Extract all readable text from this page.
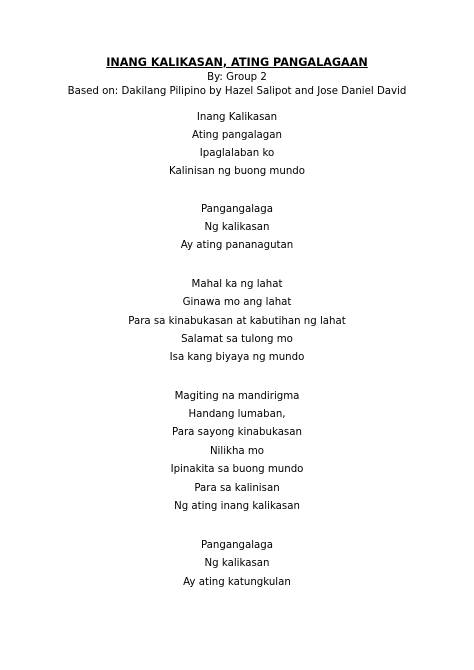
INANG KALIKASAN, ATING PANGALAGAAN
By: Group 2
Based on: Dakilang Pilipino by Hazel Salipot and Jose Daniel David
Inang Kalikasan
Ating pangalagan
Ipaglalaban ko
Kalinisan ng buong mundo
Pangangalaga
Ng kalikasan
Ay ating pananagutan
Mahal ka ng lahat
Ginawa mo ang lahat
Para sa kinabukasan at kabutihan ng lahat
Salamat sa tulong mo
Isa kang biyaya ng mundo
Magiting na mandirigma
Handang lumaban,
Para sayong kinabukasan
Nilikha mo
Ipinakita sa buong mundo
Para sa kalinisan
Ng ating inang kalikasan
Pangangalaga
Ng kalikasan
Ay ating katungkulan
